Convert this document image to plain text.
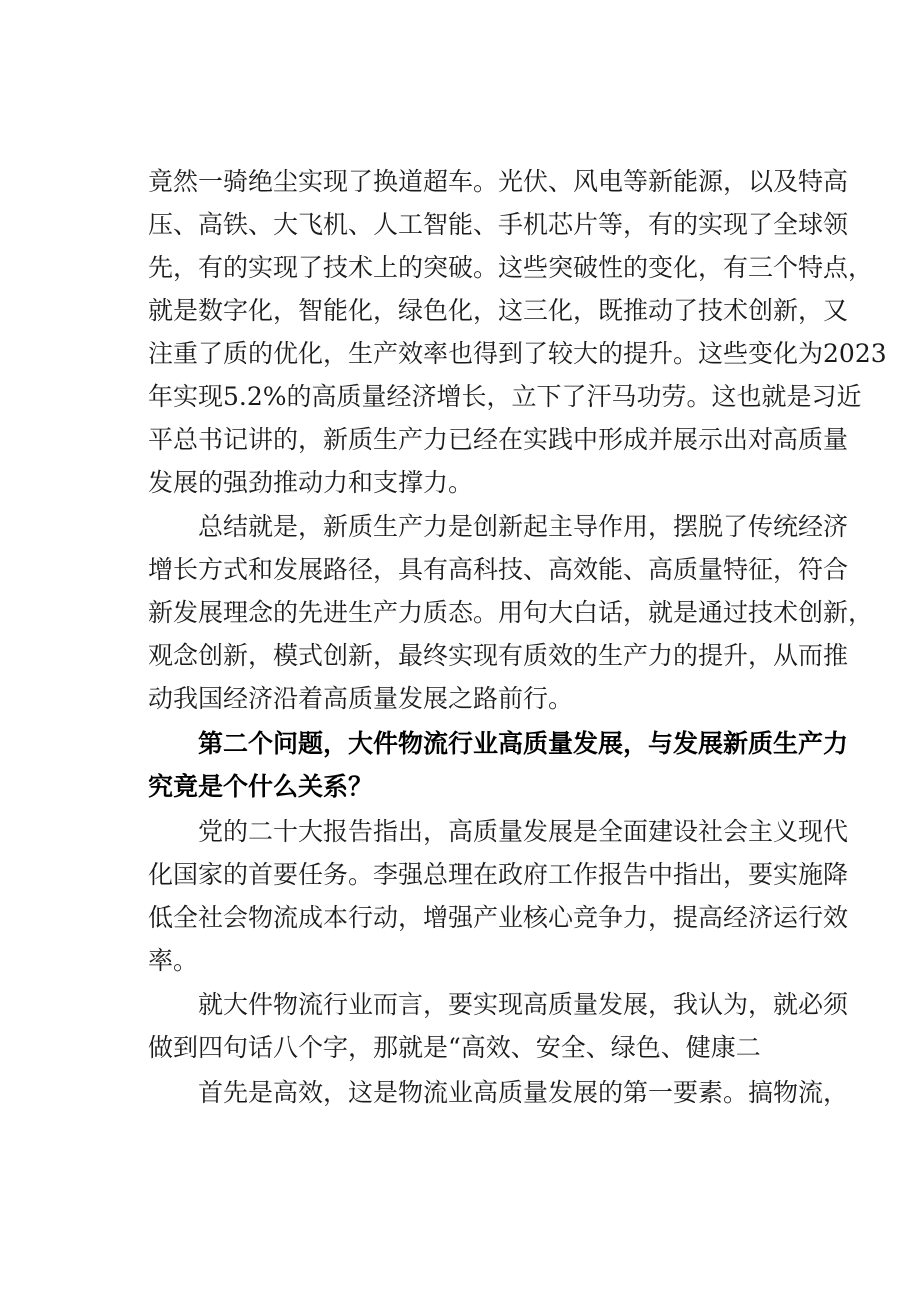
竟然一骑绝尘实现了换道超车。光伏、风电等新能源，以及特高
压、高铁、大飞机、人工智能、手机芯片等，有的实现了全球领
先，有的实现了技术上的突破。这些突破性的变化，有三个特点，
就是数字化，智能化，绿色化，这三化，既推动了技术创新，又
注重了质的优化，生产效率也得到了较大的提升。这些变化为2023
年实现5.2%的高质量经济增长，立下了汗马功劳。这也就是习近
平总书记讲的，新质生产力已经在实践中形成并展示出对高质量
发展的强劲推动力和支撑力。
总结就是，新质生产力是创新起主导作用，摆脱了传统经济
增长方式和发展路径，具有高科技、高效能、高质量特征，符合
新发展理念的先进生产力质态。用句大白话，就是通过技术创新，
观念创新，模式创新，最终实现有质效的生产力的提升，从而推
动我国经济沿着高质量发展之路前行。
第二个问题，大件物流行业高质量发展，与发展新质生产力
究竟是个什么关系？
党的二十大报告指出，高质量发展是全面建设社会主义现代
化国家的首要任务。李强总理在政府工作报告中指出，要实施降
低全社会物流成本行动，增强产业核心竞争力，提高经济运行效
率。
就大件物流行业而言，要实现高质量发展，我认为，就必须
做到四句话八个字，那就是“高效、安全、绿色、健康二
首先是高效，这是物流业高质量发展的第一要素。搞物流，
